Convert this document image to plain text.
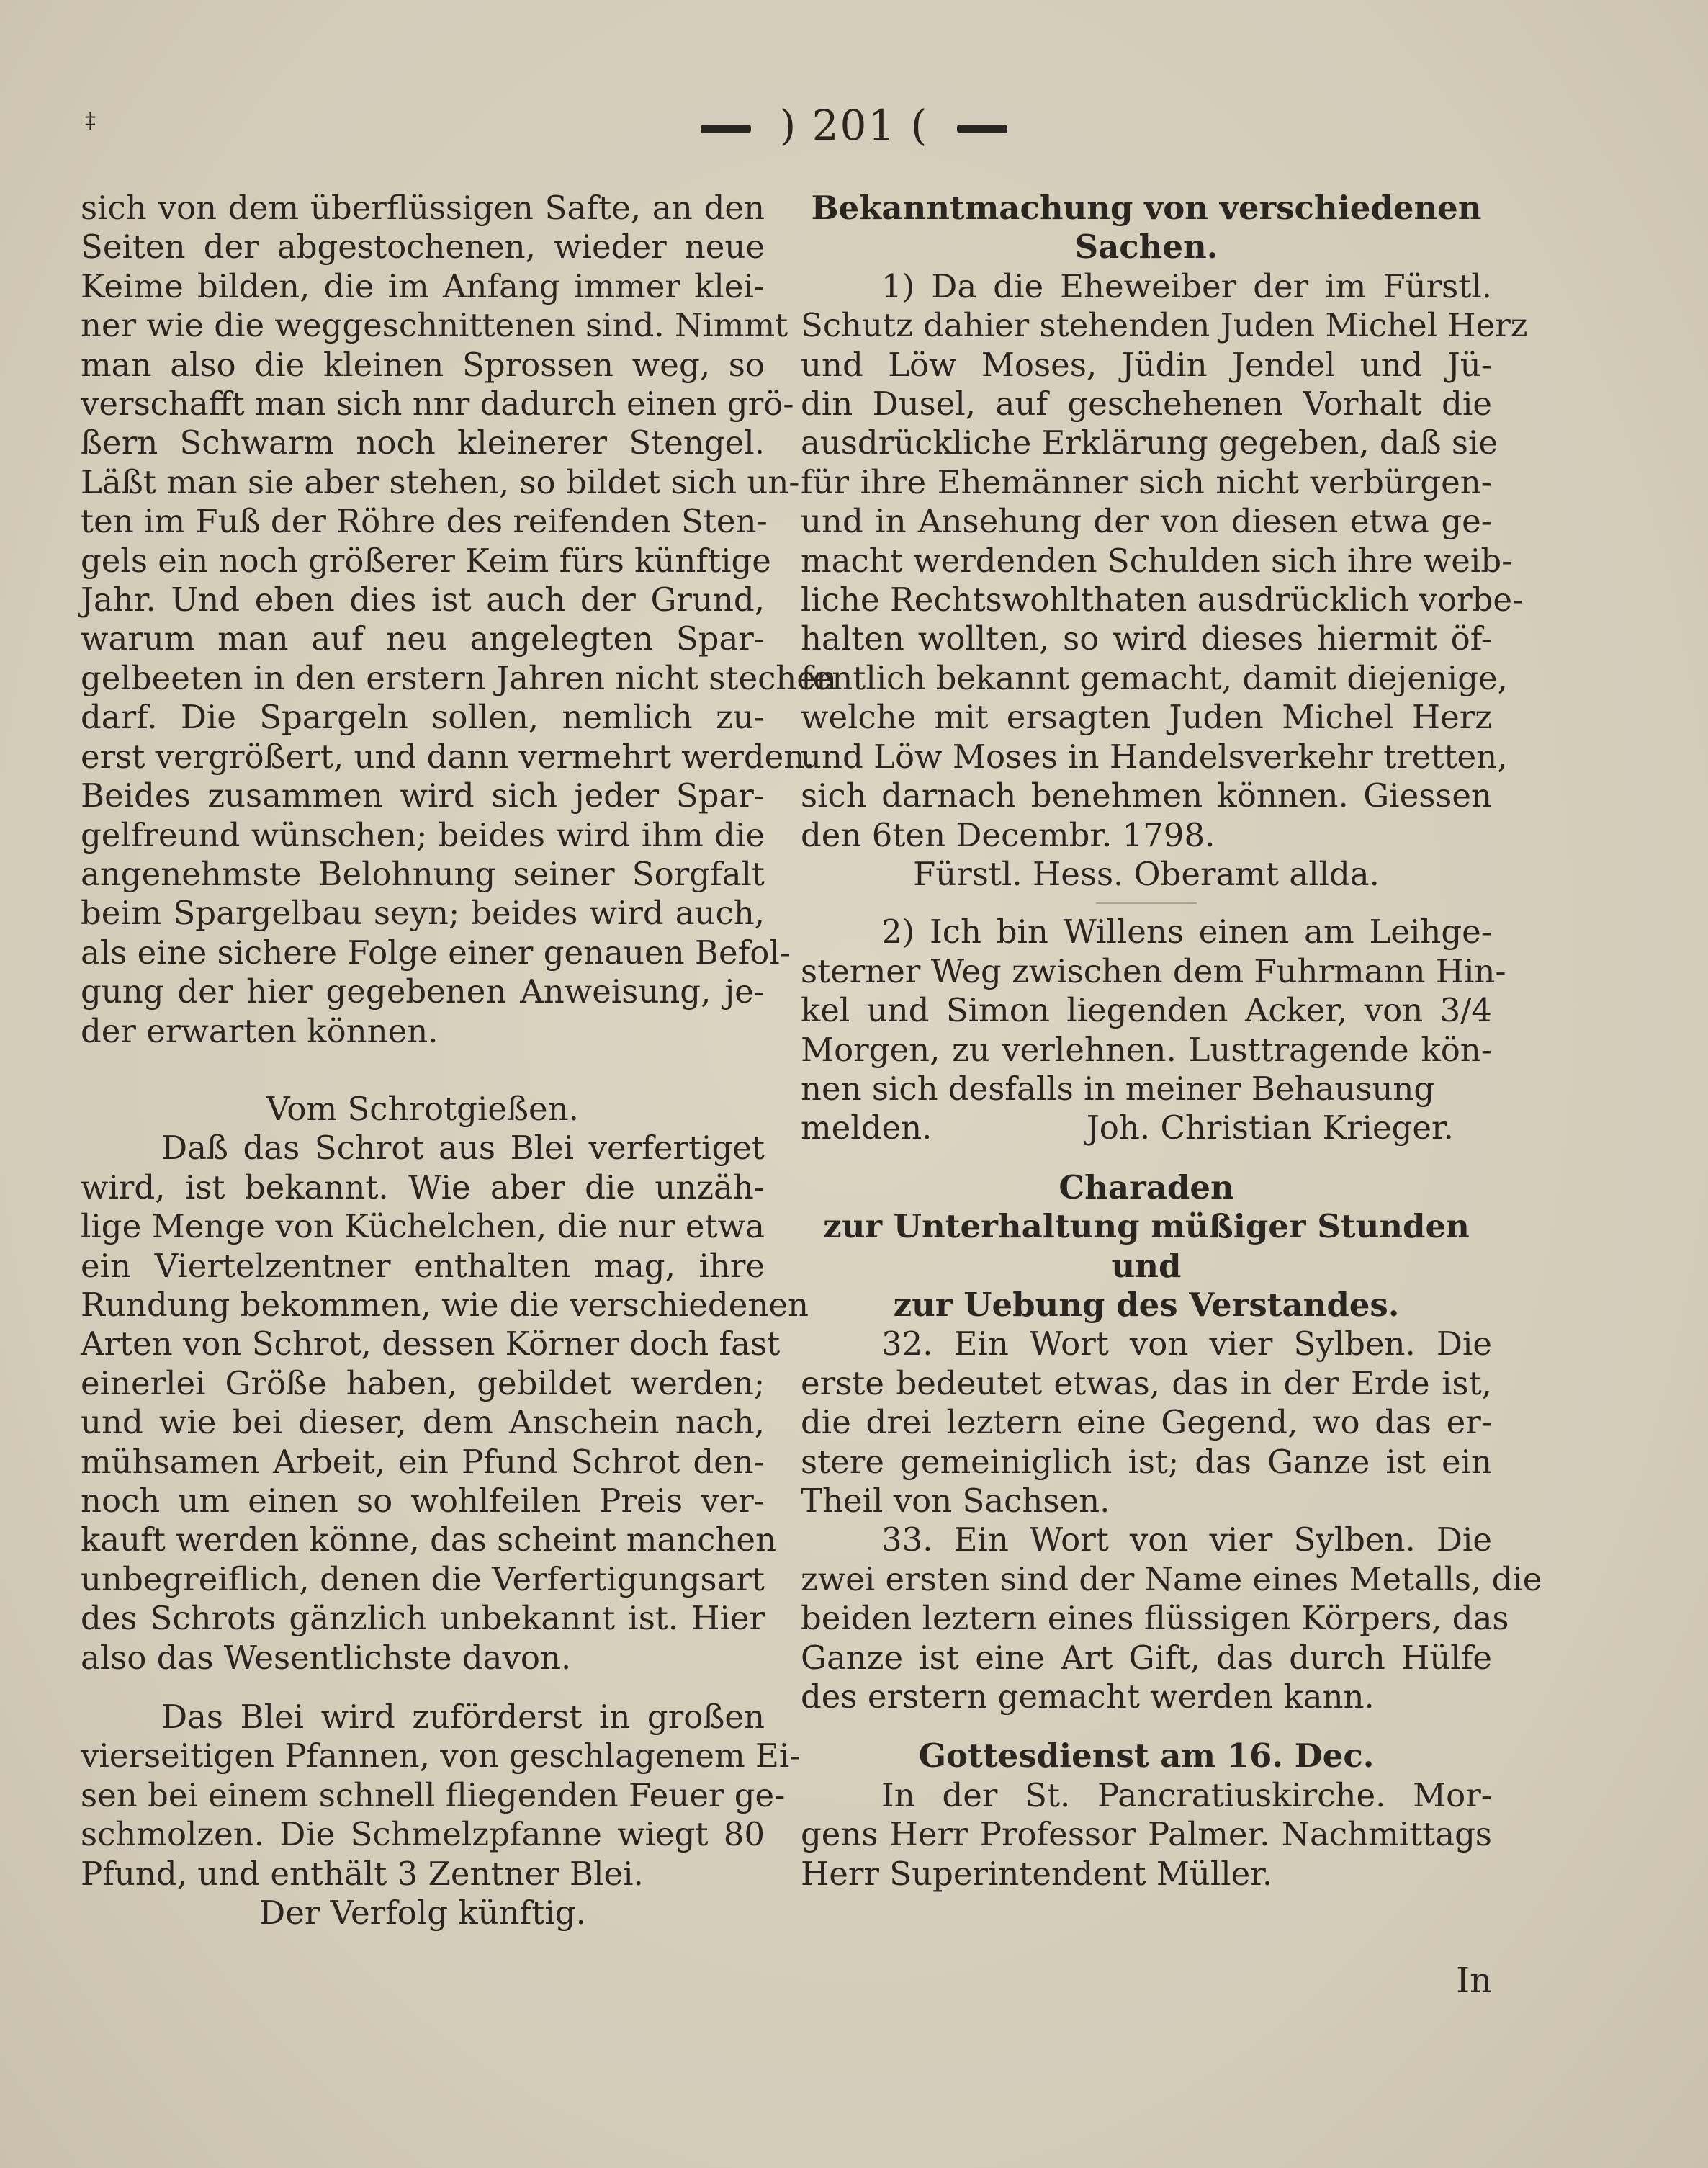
‡	) 201 (
sich von dem überflüssigen Safte, an den
Seiten der abgestochenen, wieder neue
Keime bilden, die im Anfang immer klei-
ner wie die weggeschnittenen sind. Nimmt
man also die kleinen Sprossen weg, so
verschafft man sich nnr dadurch einen grö-
ßern Schwarm noch kleinerer Stengel.
Läßt man sie aber stehen, so bildet sich un-
ten im Fuß der Röhre des reifenden Sten-
gels ein noch größerer Keim fürs künftige
Jahr. Und eben dies ist auch der Grund,
warum man auf neu angelegten Spar-
gelbeeten in den erstern Jahren nicht stechen
darf. Die Spargeln sollen, nemlich zu-
erst vergrößert, und dann vermehrt werden.
Beides zusammen wird sich jeder Spar-
gelfreund wünschen; beides wird ihm die
angenehmste Belohnung seiner Sorgfalt
beim Spargelbau seyn; beides wird auch,
als eine sichere Folge einer genauen Befol-
gung der hier gegebenen Anweisung, je-
der erwarten können.
Vom Schrotgießen.
Daß das Schrot aus Blei verfertiget
wird, ist bekannt. Wie aber die unzäh-
lige Menge von Küchelchen, die nur etwa
ein Viertelzentner enthalten mag, ihre
Rundung bekommen, wie die verschiedenen
Arten von Schrot, dessen Körner doch fast
einerlei Größe haben, gebildet werden;
und wie bei dieser, dem Anschein nach,
mühsamen Arbeit, ein Pfund Schrot den-
noch um einen so wohlfeilen Preis ver-
kauft werden könne, das scheint manchen
unbegreiflich, denen die Verfertigungsart
des Schrots gänzlich unbekannt ist. Hier
also das Wesentlichste davon.
Das Blei wird zuförderst in großen
vierseitigen Pfannen, von geschlagenem Ei-
sen bei einem schnell fliegenden Feuer ge-
schmolzen. Die Schmelzpfanne wiegt 80
Pfund, und enthält 3 Zentner Blei.
Der Verfolg künftig.
Bekanntmachung von verschiedenen
Sachen.
1) Da die Eheweiber der im Fürstl.
Schutz dahier stehenden Juden Michel Herz
und Löw Moses, Jüdin Jendel und Jü-
din Dusel, auf geschehenen Vorhalt die
ausdrückliche Erklärung gegeben, daß sie
für ihre Ehemänner sich nicht verbürgen-
und in Ansehung der von diesen etwa ge-
macht werdenden Schulden sich ihre weib-
liche Rechtswohlthaten ausdrücklich vorbe-
halten wollten, so wird dieses hiermit öf-
fentlich bekannt gemacht, damit diejenige,
welche mit ersagten Juden Michel Herz
und Löw Moses in Handelsverkehr tretten,
sich darnach benehmen können. Giessen
den 6ten Decembr. 1798.
Fürstl. Hess. Oberamt allda.
2) Ich bin Willens einen am Leihge-
sterner Weg zwischen dem Fuhrmann Hin-
kel und Simon liegenden Acker, von 3/4
Morgen, zu verlehnen. Lusttragende kön-
nen sich desfalls in meiner Behausung
melden.	Joh. Christian Krieger.
Charaden
zur Unterhaltung müßiger Stunden und
zur Uebung des Verstandes.
32. Ein Wort von vier Sylben. Die
erste bedeutet etwas, das in der Erde ist,
die drei leztern eine Gegend, wo das er-
stere gemeiniglich ist; das Ganze ist ein
Theil von Sachsen.
33. Ein Wort von vier Sylben. Die
zwei ersten sind der Name eines Metalls, die
beiden leztern eines flüssigen Körpers, das
Ganze ist eine Art Gift, das durch Hülfe
des erstern gemacht werden kann.
Gottesdienst am 16. Dec.
In der St. Pancratiuskirche. Mor-
gens Herr Professor Palmer. Nachmittags
Herr Superintendent Müller.
In
